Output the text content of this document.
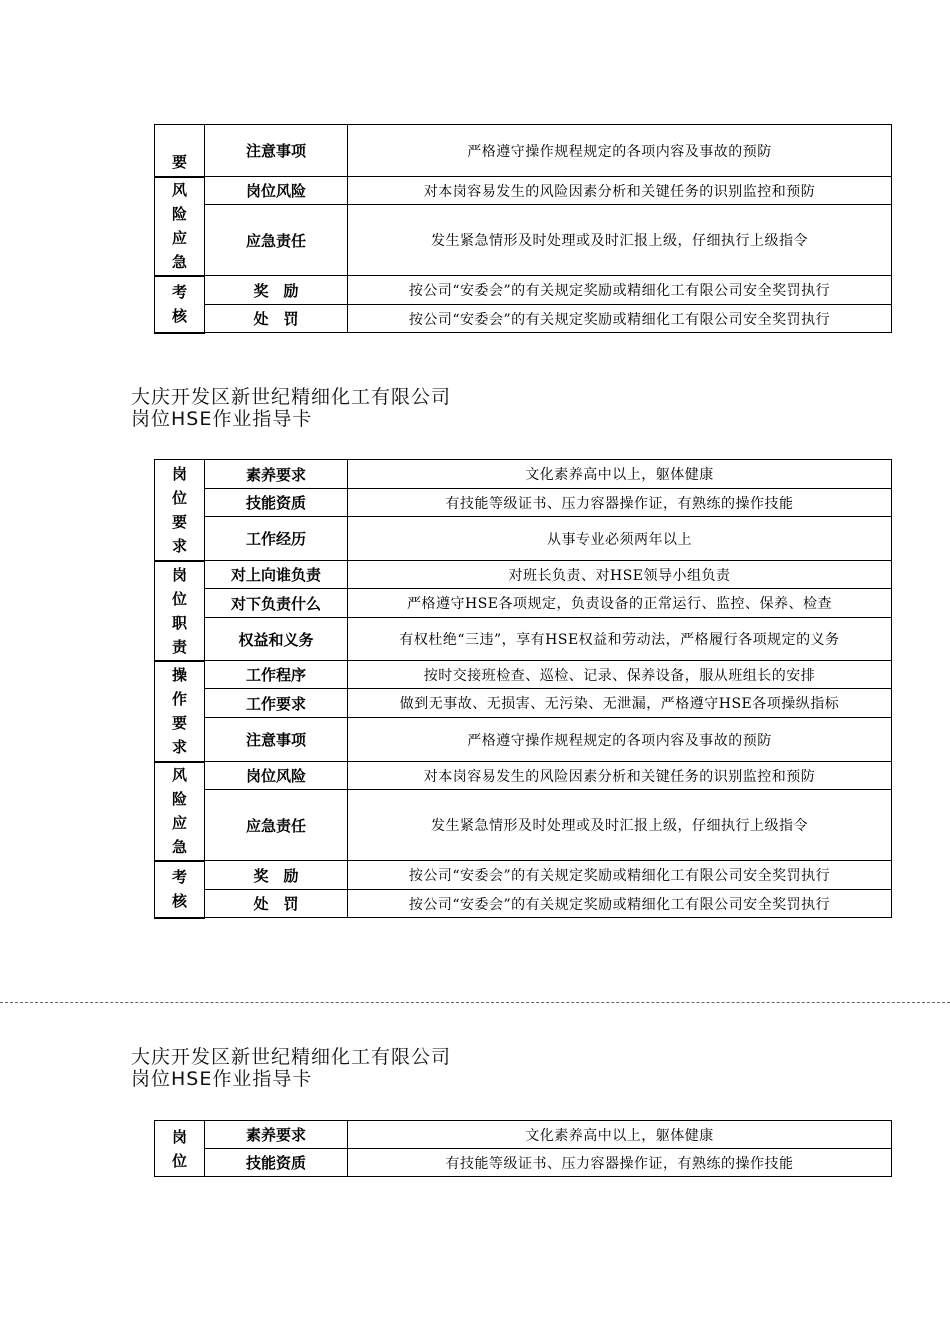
要	注意事项	严格遵守操作规程规定的各项内容及事故的预防

风
险
应
急	岗位风险	对本岗容易发生的风险因素分析和关键任务的识别监控和预防
	应急责任	发生紧急情形及时处理或及时汇报上级，仔细执行上级指令

考
核	奖　励	按公司“安委会”的有关规定奖励或精细化工有限公司安全奖罚执行
	处　罚	按公司“安委会”的有关规定奖励或精细化工有限公司安全奖罚执行
大庆开发区新世纪精细化工有限公司
岗位HSE作业指导卡
岗
位
要
求	素养要求	文化素养高中以上，躯体健康
	技能资质	有技能等级证书、压力容器操作证，有熟练的操作技能
	工作经历	从事专业必须两年以上

岗
位
职
责	对上向谁负责	对班长负责、对HSE领导小组负责
	对下负责什么	严格遵守HSE各项规定，负责设备的正常运行、监控、保养、检查
	权益和义务	有权杜绝“三违”，享有HSE权益和劳动法，严格履行各项规定的义务

操
作
要
求	工作程序	按时交接班检查、巡检、记录、保养设备，服从班组长的安排
	工作要求	做到无事故、无损害、无污染、无泄漏，严格遵守HSE各项操纵指标
	注意事项	严格遵守操作规程规定的各项内容及事故的预防

风
险
应
急	岗位风险	对本岗容易发生的风险因素分析和关键任务的识别监控和预防
	应急责任	发生紧急情形及时处理或及时汇报上级，仔细执行上级指令

考
核	奖　励	按公司“安委会”的有关规定奖励或精细化工有限公司安全奖罚执行
	处　罚	按公司“安委会”的有关规定奖励或精细化工有限公司安全奖罚执行
大庆开发区新世纪精细化工有限公司
岗位HSE作业指导卡
岗
位	素养要求	文化素养高中以上，躯体健康
	技能资质	有技能等级证书、压力容器操作证，有熟练的操作技能
